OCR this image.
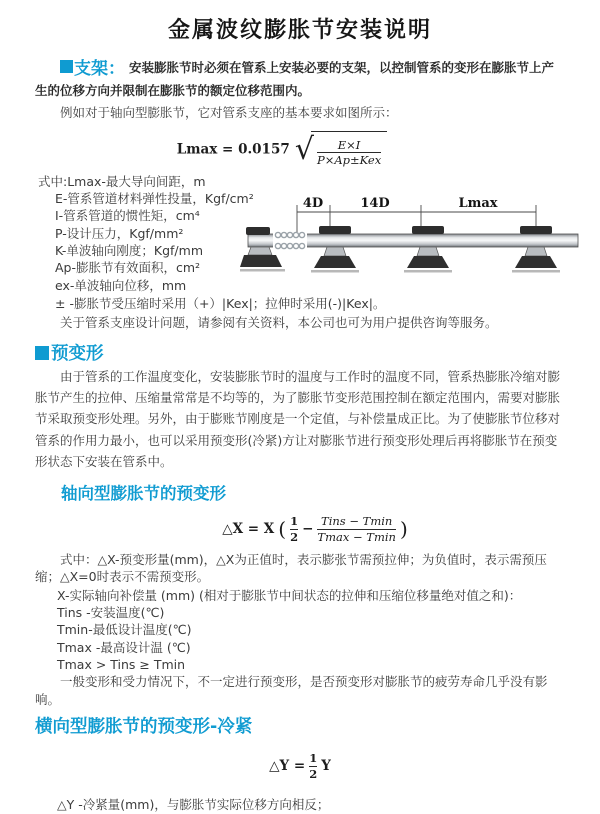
金属波纹膨胀节安装说明

支架： 安装膨胀节时必须在管系上安装必要的支架，以控制管系的变形在膨胀节上产生的位移方向并限制在膨胀节的额定位移范围内。

例如对于轴向型膨胀节，它对管系支座的基本要求如图所示：

Lmax = 0.0157 √ $\frac{E\times I}{\text{P×Ap±Kex}}$
式中:Lmax-最大导向间距，m
E-管系管道材料弹性投量，Kgf/cm²
I-管系管道的惯性矩，cm⁴
P-设计压力，Kgf/mm²
K-单波轴向刚度；Kgf/mm
Ap-膨胀节有效面积，cm²
ex-单波轴向位移，mm

± -膨胀节受压缩时采用（+）|Kex|；拉伸时采用(-)|Kex|。

关于管系支座设计问题，请参阅有关资料，本公司也可为用户提供咨询等服务。

预变形

由于管系的工作温度变化，安装膨胀节时的温度与工作时的温度不同，管系热膨胀冷缩对膨胀节产生的拉伸、压缩量常常是不均等的，为了膨胀节变形范围控制在额定范围内，需要对膨胀节采取预变形处理。另外，由于膨账节刚度是一个定值，与补偿量成正比。为了使膨胀节位移对管系的作用力最小，也可以采用预变形(冷紧)方让对膨胀节进行预变形处理后再将膨胀节在预变形状态下安装在管系中。

轴向型膨胀节的预变形
△X = X ( $\frac{1}{2} - \frac{\text{Tins − Tmin}}{Tmax - Tmin}$ )

式中：△X-预变形量(mm)，△X为正值时，表示膨张节需预拉伸；为负值时，表示需预压缩；△X=0时表示不需预变形。

X-实际轴向补偿量 (mm) (相对于膨胀节中间状态的拉伸和压缩位移量绝对值之和)：
Tins -安装温度(℃)
Tmin-最低设计温度(℃)
Tmax -最高设计温 (℃)
Tmax > Tins ≥ Tmin

一般变形和受力情况下，不一定进行预变形，是否预变形对膨胀节的疲劳寿命几乎没有影响。

横向型膨胀节的预变形-冷紧
△Y = $\frac{1}{2}$ Y

△Y -冷紧量(mm)，与膨胀节实际位移方向相反；

4D	14D	Lmax
